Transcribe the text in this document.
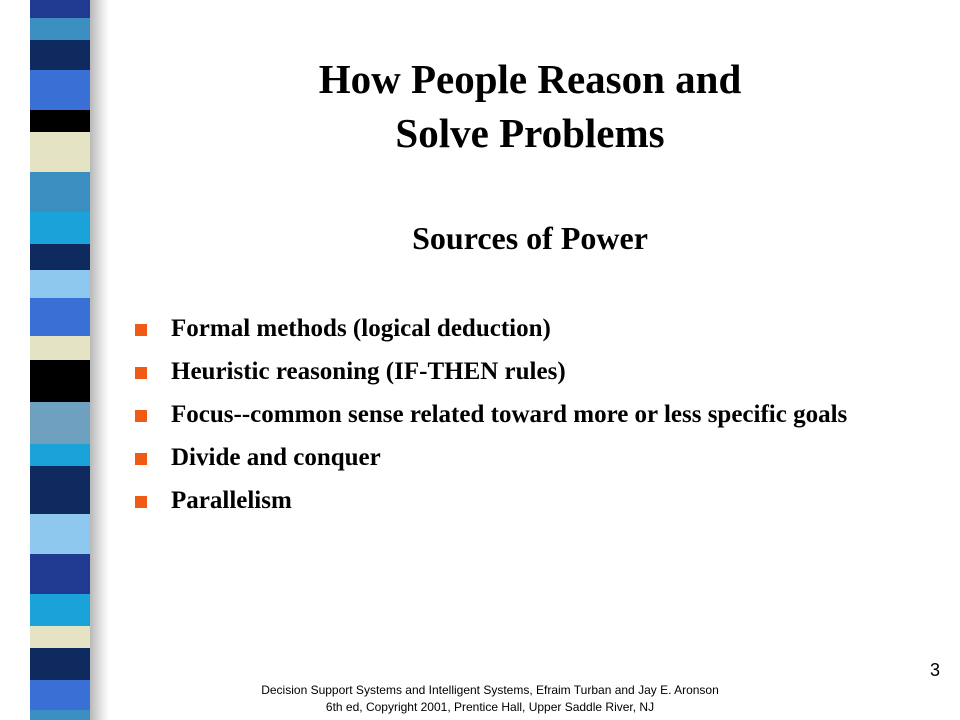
How People Reason and
Solve Problems
Sources of Power
Formal methods (logical deduction)
Heuristic reasoning (IF-THEN rules)
Focus--common sense related toward more or less specific goals
Divide and conquer
Parallelism
3
Decision Support Systems and Intelligent Systems, Efraim Turban and Jay E. Aronson
6th ed, Copyright 2001, Prentice Hall, Upper Saddle River, NJ
